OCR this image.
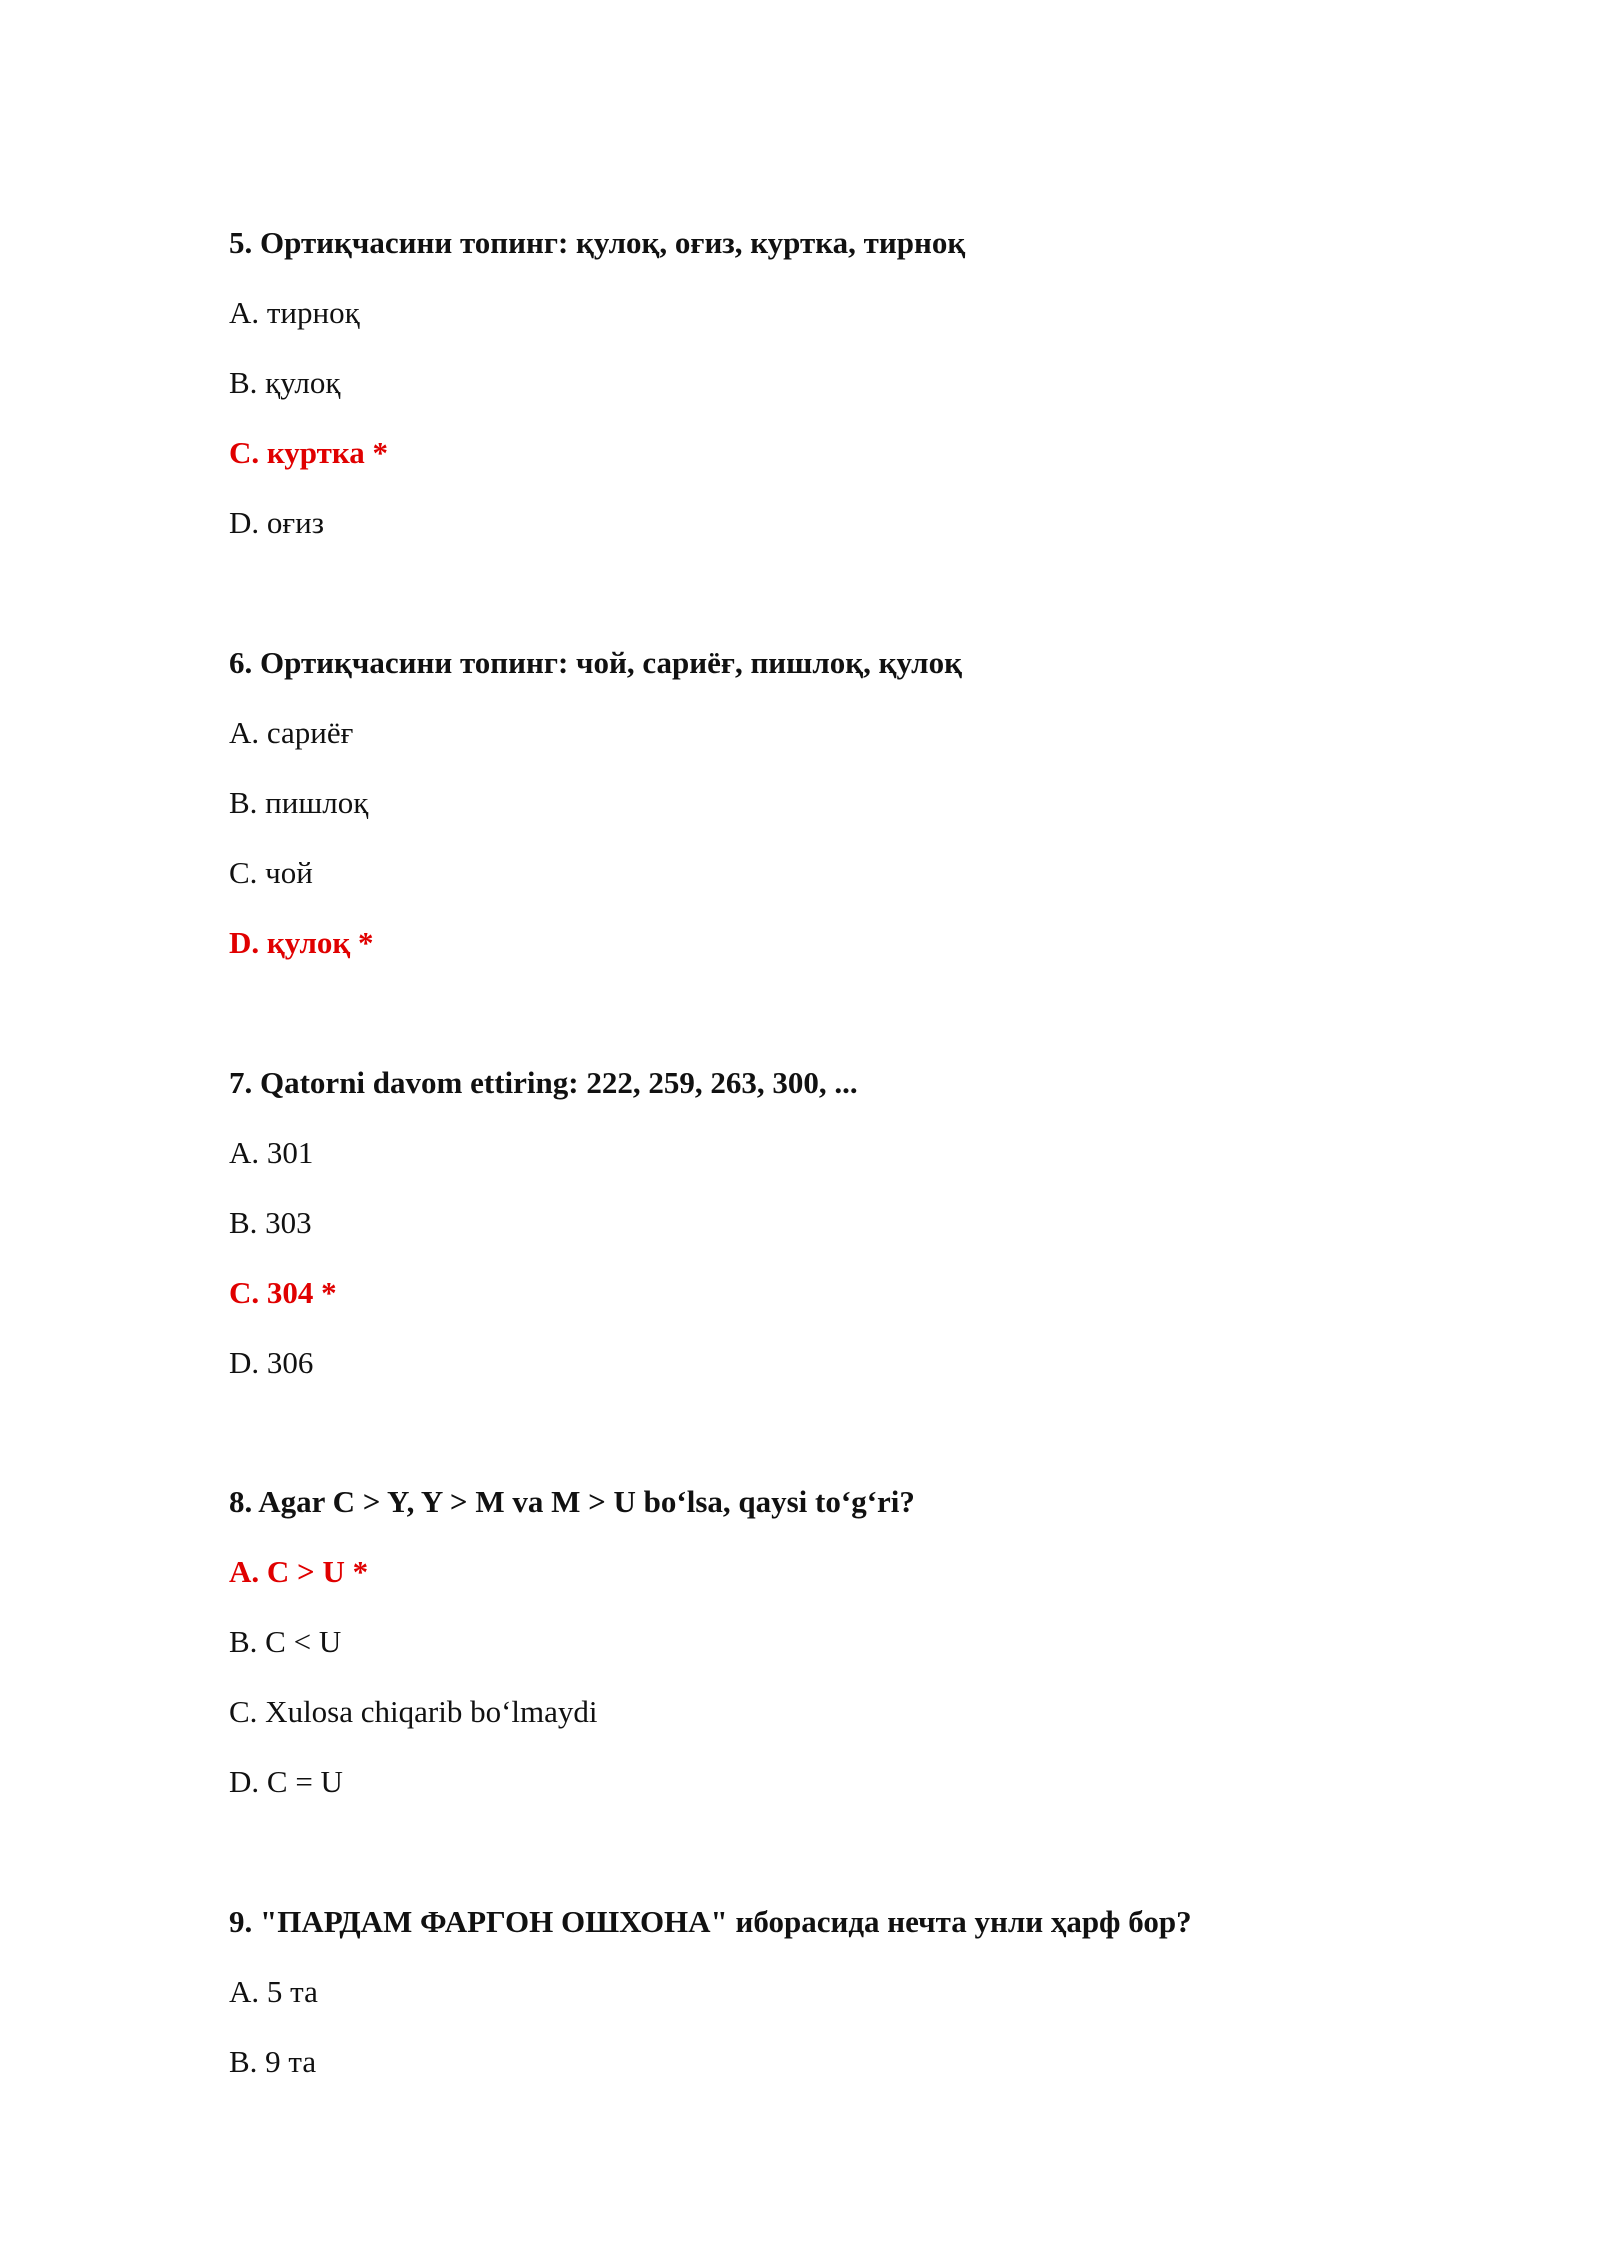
5. Ортиқчасини топинг: қулоқ, оғиз, куртка, тирноқ
A. тирноқ
B. қулоқ
C. куртка *
D. оғиз
6. Ортиқчасини топинг: чой, сариёғ, пишлоқ, қулоқ
A. сариёғ
B. пишлоқ
C. чой
D. қулоқ *
7. Qatorni davom ettiring: 222, 259, 263, 300, ...
A. 301
B. 303
C. 304 *
D. 306
8. Agar C > Y, Y > M va M > U bo‘lsa, qaysi to‘g‘ri?
A. C > U *
B. C < U
C. Xulosa chiqarib bo‘lmaydi
D. C = U
9. "ПАРДАМ ФАРГОН ОШХОНА" иборасида нечта унли ҳарф бор?
A. 5 та
B. 9 та
